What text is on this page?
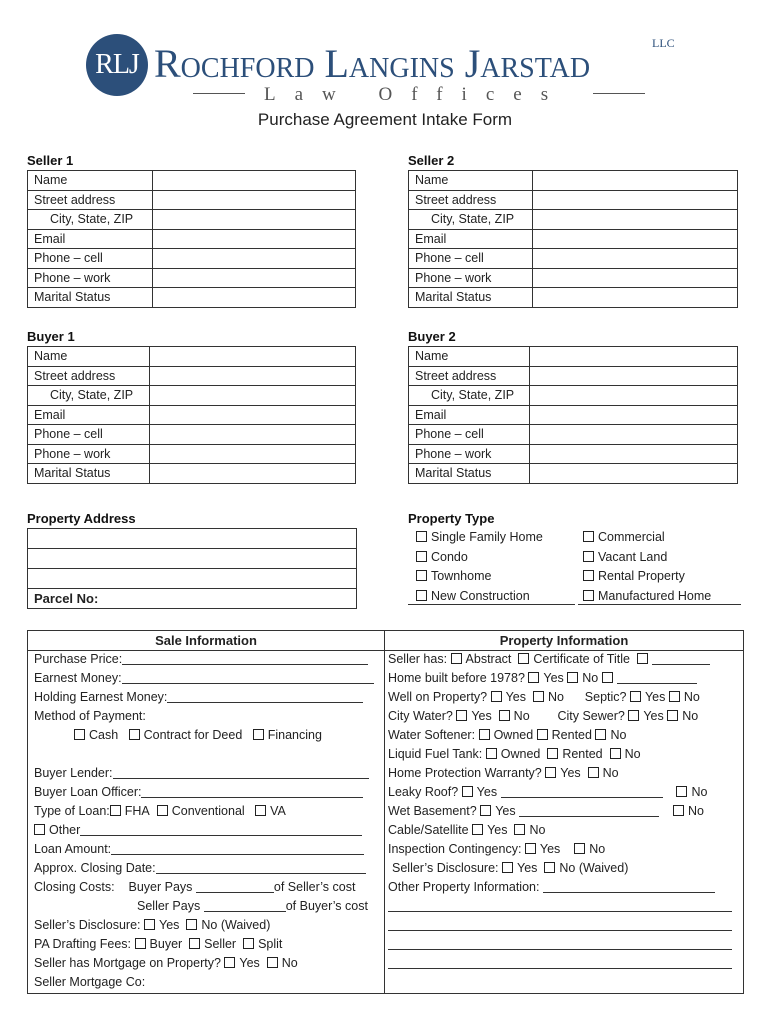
RLJ Rochford Langins Jarstad	LLC
Law Offices
Purchase Agreement Intake Form
Seller 1
Name	
Street address	
City, State, ZIP	
Email	
Phone – cell	
Phone – work	
Marital Status	
Seller 2
Name	
Street address	
City, State, ZIP	
Email	
Phone – cell	
Phone – work	
Marital Status	
Buyer 1
Name	
Street address	
City, State, ZIP	
Email	
Phone – cell	
Phone – work	
Marital Status	
Buyer 2
Name	
Street address	
City, State, ZIP	
Email	
Phone – cell	
Phone – work	
Marital Status	
Property Address
Parcel No:
Property Type
Single Family Home
Condo
Townhome
New Construction
Commercial
Vacant Land
Rental Property
Manufactured Home
Sale Information
Purchase Price:
Earnest Money:
Holding Earnest Money:
Method of Payment:
Cash Contract for Deed Financing
Buyer Lender:
Buyer Loan Officer:
Type of Loan: FHA Conventional VA
Other
Loan Amount:
Approx. Closing Date:
Closing Costs: Buyer Pays	of Seller’s cost
Seller Pays	of Buyer’s cost
Seller’s Disclosure: Yes No (Waived)
PA Drafting Fees: Buyer Seller Split
Seller has Mortgage on Property? Yes No
Seller Mortgage Co:
Property Information
Seller has: Abstract Certificate of Title
Home built before 1978? Yes No
Well on Property? Yes No Septic? Yes No
City Water? Yes No City Sewer? Yes No
Water Softener: Owned Rented No
Liquid Fuel Tank: Owned Rented No
Home Protection Warranty? Yes No
Leaky Roof? Yes	No
Wet Basement? Yes	No
Cable/Satellite Yes No
Inspection Contingency: Yes No
Seller’s Disclosure: Yes No (Waived)
Other Property Information:
